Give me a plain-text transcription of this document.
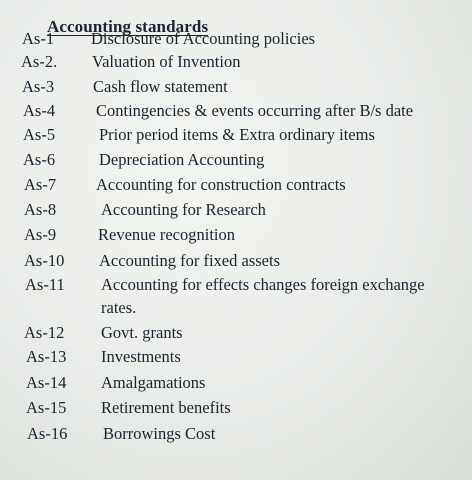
Accounting standards
As-1 Disclosure of Accounting policies
As-2. Valuation of Invention
As-3 Cash flow statement
As-4 Contingencies & events occurring after B/s date
As-5	Prior period items & Extra ordinary items
As-6	Depreciation Accounting
As-7 Accounting for construction contracts
As-8	Accounting for Research
As-9	Revenue recognition
As-10 Accounting for fixed assets
As-11 Accounting for effects changes foreign exchange
rates.
As-12 Govt. grants
As-13 Investments
As-14 Amalgamations
As-15 Retirement benefits
As-16 Borrowings Cost
